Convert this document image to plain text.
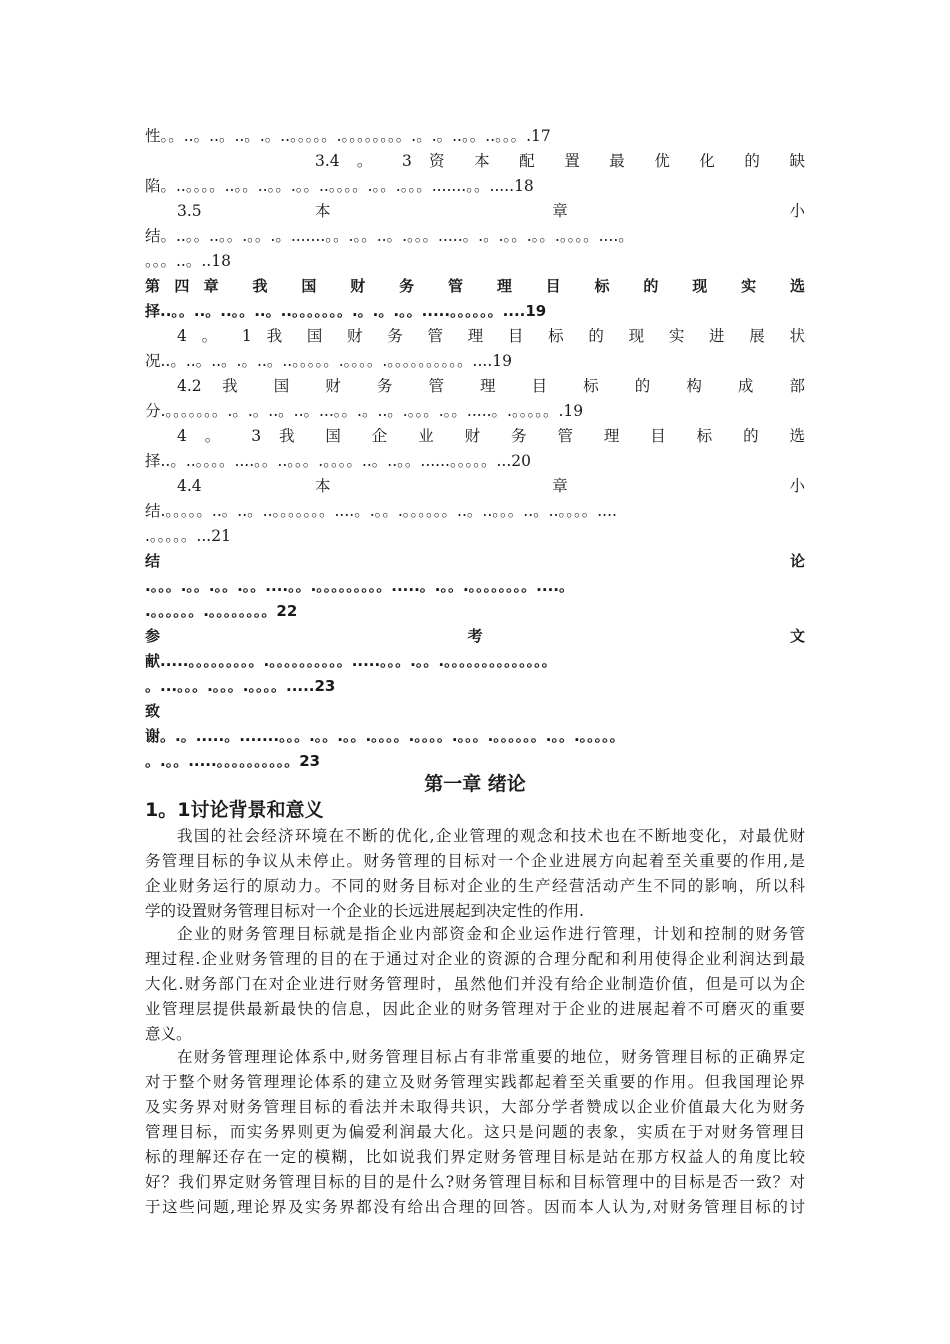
性。。..。..。..。.。..。。。。。.。。。。。。。。.。.。..。。..。。。.17
3.4 。 3 资 本 配 置 最 优 化 的 缺
陷。..。。。。..。。..。。.。。..。。。。.。。.。。。.......。。.....18
3.5 本 章 小
结。..。。..。。.。。.。.......。。.。。..。.。。。.....。.。.。。.。。.。。。。....。
。。。..。..18
第四章 我 国 财 务 管 理 目 标 的 现 实 选
择..。。..。..。。..。..。。。。。。。.。.。.。。.....。。。。。。....19
4 。 1 我 国 财 务 管 理 目 标 的 现 实 进 展 状
况..。..。..。.。..。..。。。。。.。。。。.。。。。。。。。。。....19
4.2 我 国 财 务 管 理 目 标 的 构 成 部
分.。。。。。。。.。.。..。..。...。。.。..。.。。。.。。.....。.。。。。。.19
4 。 3 我 国 企 业 财 务 管 理 目 标 的 选
择..。..。。。。....。。..。。。.。。。。..。..。。......。。。。。...20
4.4 本 章 小
结.。。。。。..。..。..。。。。。。。....。.。。.。。。。。。..。..。。。..。..。。。。....
.。。。。。...21
结 论
.。。。.。。.。。.。。....。。.。。。。。。。。。.....。.。。.。。。。。。。。....。
.。。。。。。.。。。。。。。。22
参 考 文
献.....。。。。。。。。。.。。。。。。。。。。.....。。。.。。.。。。。。。。。。。。。。。
。...。。。.。。。.。。。。.....23
致
谢。.。.....。.......。。。.。。.。。.。。。。.。。。。.。。。.。。。。。。.。。.。。。。。
。.。。.....。。。。。。。。。。23
第一章 绪论
1。1讨论背景和意义
我国的社会经济环境在不断的优化,企业管理的观念和技术也在不断地变化，对最优财
务管理目标的争议从未停止。财务管理的目标对一个企业进展方向起着至关重要的作用,是
企业财务运行的原动力。不同的财务目标对企业的生产经营活动产生不同的影响，所以科
学的设置财务管理目标对一个企业的长远进展起到决定性的作用.
企业的财务管理目标就是指企业内部资金和企业运作进行管理，计划和控制的财务管
理过程.企业财务管理的目的在于通过对企业的资源的合理分配和利用使得企业利润达到最
大化.财务部门在对企业进行财务管理时，虽然他们并没有给企业制造价值，但是可以为企
业管理层提供最新最快的信息，因此企业的财务管理对于企业的进展起着不可磨灭的重要
意义。
在财务管理理论体系中,财务管理目标占有非常重要的地位，财务管理目标的正确界定
对于整个财务管理理论体系的建立及财务管理实践都起着至关重要的作用。但我国理论界
及实务界对财务管理目标的看法并未取得共识，大部分学者赞成以企业价值最大化为财务
管理目标，而实务界则更为偏爱利润最大化。这只是问题的表象，实质在于对财务管理目
标的理解还存在一定的模糊，比如说我们界定财务管理目标是站在那方权益人的角度比较
好？我们界定财务管理目标的目的是什么?财务管理目标和目标管理中的目标是否一致？对
于这些问题,理论界及实务界都没有给出合理的回答。因而本人认为,对财务管理目标的讨
